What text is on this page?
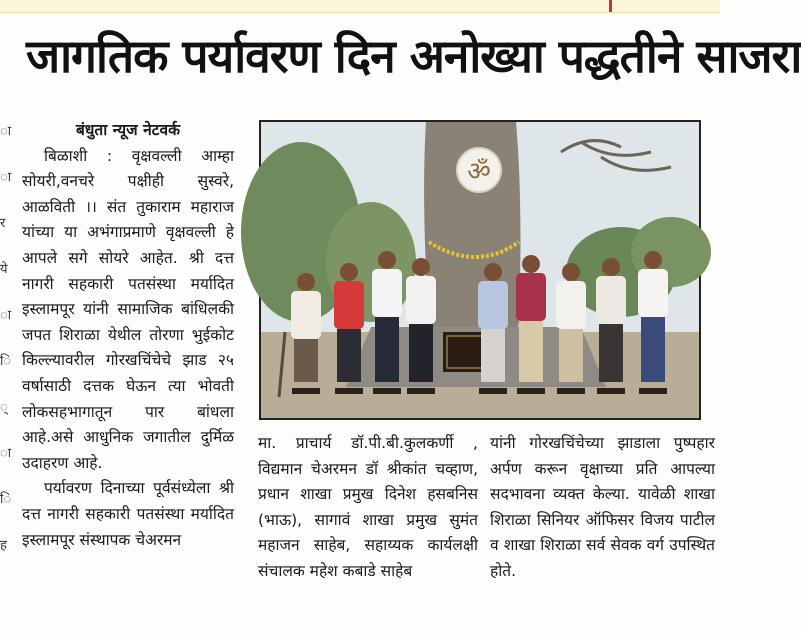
जागतिक पर्यावरण दिन अनोख्या पद्धतीने साजरा
ा
ा
र
ये
ा
ि
्
ा
ि
ह
बंधुता न्यूज नेटवर्क

बिळाशी : वृक्षवल्ली आम्हा सोयरी,वनचरे पक्षीही सुस्वरे, आळविती ।। संत तुकाराम महाराज यांच्या या अभंगाप्रमाणे वृक्षवल्ली हे आपले सगे सोयरे आहेत. श्री दत्त नागरी सहकारी पतसंस्था मर्यादित इस्लामपूर यांनी सामाजिक बांधिलकी जपत शिराळा येथील तोरणा भुईकोट किल्ल्यावरील गोरखचिंचेचे झाड २५ वर्षासाठी दत्तक घेऊन त्या भोवती लोकसहभागातून पार बांधला आहे.असे आधुनिक जगातील दुर्मिळ उदाहरण आहे.

पर्यावरण दिनाच्या पूर्वसंध्येला श्री दत्त नागरी सहकारी पतसंस्था मर्यादित इस्लामपूर संस्थापक चेअरमन

ॐ

मा. प्राचार्य डॉ.पी.बी.कुलकर्णी , विद्यमान चेअरमन डॉ श्रीकांत चव्हाण, प्रधान शाखा प्रमुख दिनेश हसबनिस (भाऊ), सागावं शाखा प्रमुख सुमंत महाजन साहेब, सहाय्यक कार्यलक्षी संचालक महेश कबाडे साहेब

यांनी गोरखचिंचेच्या झाडाला पुष्पहार अर्पण करून वृक्षाच्या प्रति आपल्या सदभावना व्यक्त केल्या. यावेळी शाखा शिराळा सिनियर ऑफिसर विजय पाटील व शाखा शिराळा सर्व सेवक वर्ग उपस्थित होते.
